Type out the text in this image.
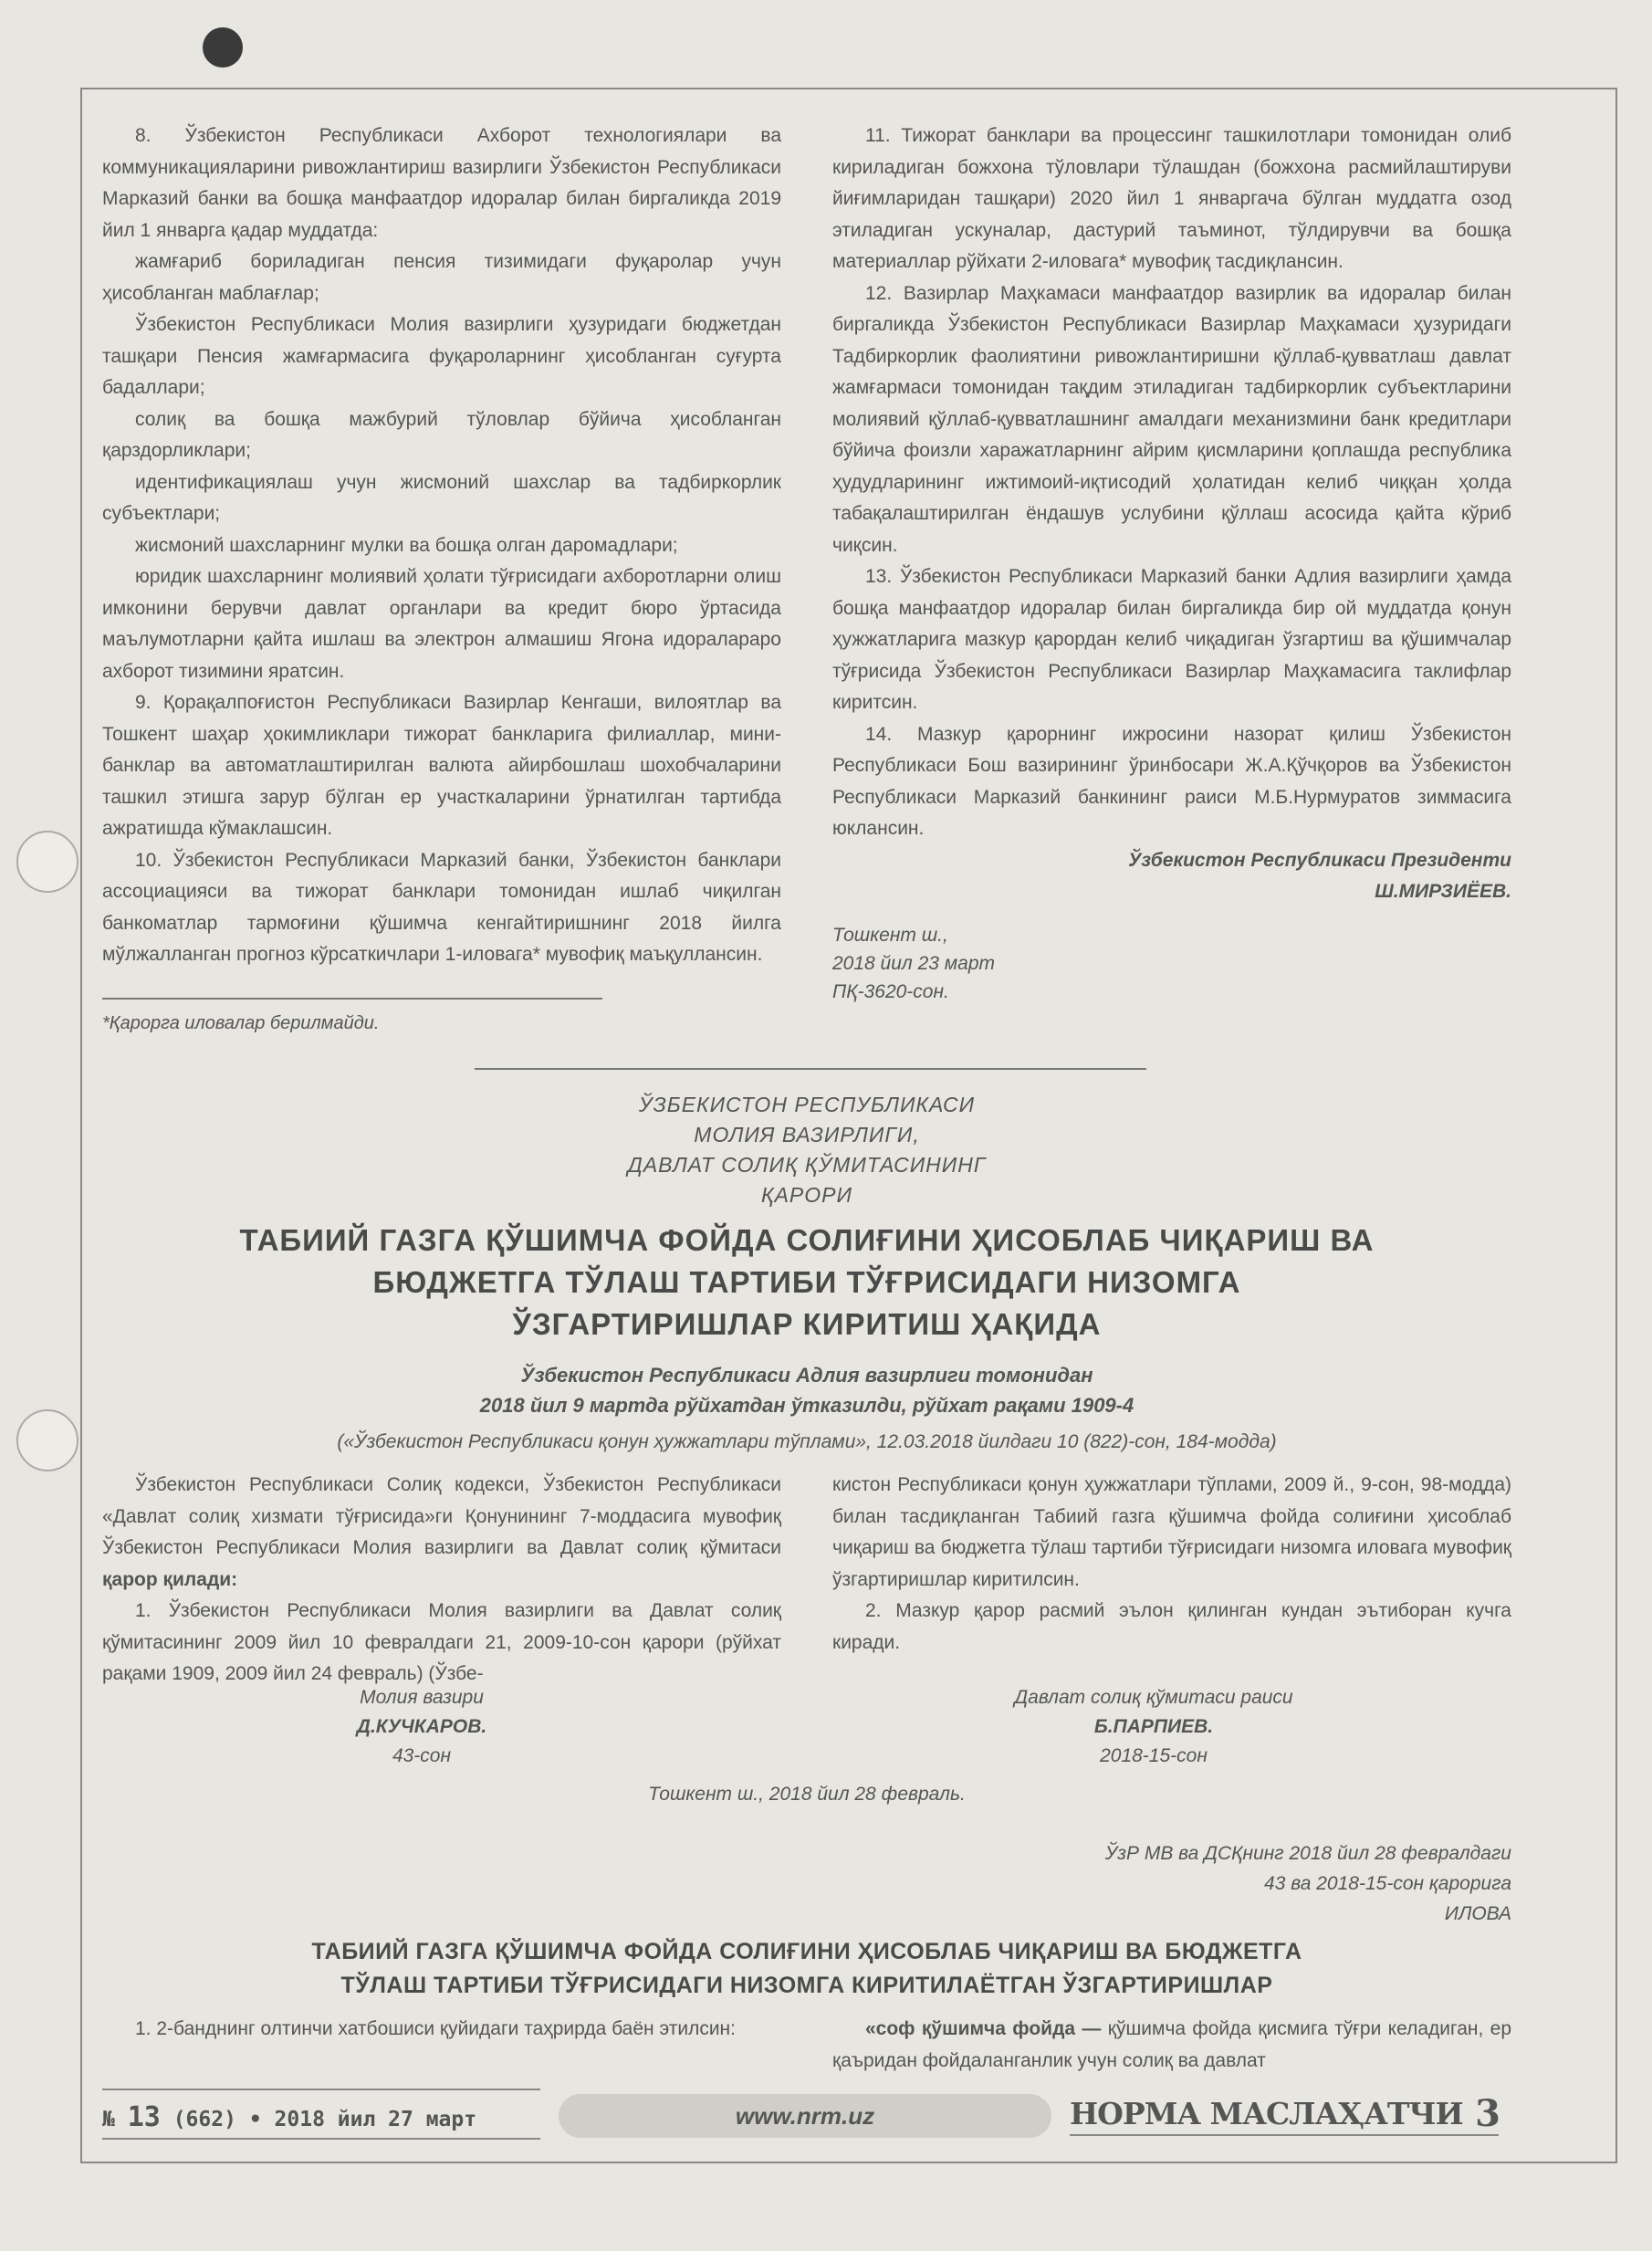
8. Ўзбекистон Республикаси Ахборот технологиялари ва коммуникацияларини ривожлантириш вазирлиги Ўзбекистон Республикаси Марказий банки ва бошқа манфаатдор идоралар билан биргаликда 2019 йил 1 январга қадар муддатда:

жамғариб бориладиган пенсия тизимидаги фуқаролар учун ҳисобланган маблағлар;

Ўзбекистон Республикаси Молия вазирлиги ҳузуридаги бюджетдан ташқари Пенсия жамғармасига фуқароларнинг ҳисобланган суғурта бадаллари;

солиқ ва бошқа мажбурий тўловлар бўйича ҳисобланган қарздорликлари;

идентификациялаш учун жисмоний шахслар ва тадбиркорлик субъектлари;

жисмоний шахсларнинг мулки ва бошқа олган даромадлари;

юридик шахсларнинг молиявий ҳолати тўғрисидаги ахборотларни олиш имконини берувчи давлат органлари ва кредит бюро ўртасида маълумотларни қайта ишлаш ва электрон алмашиш Ягона идоралараро ахборот тизимини яратсин.

9. Қорақалпоғистон Республикаси Вазирлар Кенгаши, вилоятлар ва Тошкент шаҳар ҳокимликлари тижорат банкларига филиаллар, мини-банклар ва автоматлаштирилган валюта айирбошлаш шохобчаларини ташкил этишга зарур бўлган ер участкаларини ўрнатилган тартибда ажратишда кўмаклашсин.

10. Ўзбекистон Республикаси Марказий банки, Ўзбекистон банклари ассоциацияси ва тижорат банклари томонидан ишлаб чиқилган банкоматлар тармоғини қўшимча кенгайтиришнинг 2018 йилга мўлжалланган прогноз кўрсаткичлари 1-иловага* мувофиқ маъқуллансин.

11. Тижорат банклари ва процессинг ташкилотлари томонидан олиб кириладиган божхона тўловлари тўлашдан (божхона расмийлаштируви йиғимларидан ташқари) 2020 йил 1 январгача бўлган муддатга озод этиладиган ускуналар, дастурий таъминот, тўлдирувчи ва бошқа материаллар рўйхати 2-иловага* мувофиқ тасдиқлансин.

12. Вазирлар Маҳкамаси манфаатдор вазирлик ва идоралар билан биргаликда Ўзбекистон Республикаси Вазирлар Маҳкамаси ҳузуридаги Тадбиркорлик фаолиятини ривожлантиришни қўллаб-қувватлаш давлат жамғармаси томонидан тақдим этиладиган тадбиркорлик субъектларини молиявий қўллаб-қувватлашнинг амалдаги механизмини банк кредитлари бўйича фоизли харажатларнинг айрим қисмларини қоплашда республика ҳудудларининг ижтимоий-иқтисодий ҳолатидан келиб чиққан ҳолда табақалаштирилган ёндашув услубини қўллаш асосида қайта кўриб чиқсин.

13. Ўзбекистон Республикаси Марказий банки Адлия вазирлиги ҳамда бошқа манфаатдор идоралар билан биргаликда бир ой муддатда қонун ҳужжатларига мазкур қарордан келиб чиқадиган ўзгартиш ва қўшимчалар тўғрисида Ўзбекистон Республикаси Вазирлар Маҳкамасига таклифлар киритсин.

14. Мазкур қарорнинг ижросини назорат қилиш Ўзбекистон Республикаси Бош вазирининг ўринбосари Ж.А.Қўчқоров ва Ўзбекистон Республикаси Марказий банкининг раиси М.Б.Нурмуратов зиммасига юклансин.

Ўзбекистон Республикаси Президенти
Ш.МИРЗИЁЕВ.
Тошкент ш.,
2018 йил 23 март
ПҚ-3620-сон.
*Қарорга иловалар берилмайди.
ЎЗБЕКИСТОН РЕСПУБЛИКАСИ
МОЛИЯ ВАЗИРЛИГИ,
ДАВЛАТ СОЛИҚ ҚЎМИТАСИНИНГ
ҚАРОРИ
ТАБИИЙ ГАЗГА ҚЎШИМЧА ФОЙДА СОЛИҒИНИ ҲИСОБЛАБ ЧИҚАРИШ ВА
БЮДЖЕТГА ТЎЛАШ ТАРТИБИ ТЎҒРИСИДАГИ НИЗОМГА
ЎЗГАРТИРИШЛАР КИРИТИШ ҲАҚИДА
Ўзбекистон Республикаси Адлия вазирлиги томонидан
2018 йил 9 мартда рўйхатдан ўтказилди, рўйхат рақами 1909-4
(«Ўзбекистон Республикаси қонун ҳужжатлари тўплами», 12.03.2018 йилдаги 10 (822)-сон, 184-модда)

Ўзбекистон Республикаси Солиқ кодекси, Ўзбекистон Республикаси «Давлат солиқ хизмати тўғрисида»ги Қонунининг 7-моддасига мувофиқ Ўзбекистон Республикаси Молия вазирлиги ва Давлат солиқ қўмитаси қарор қилади:

1. Ўзбекистон Республикаси Молия вазирлиги ва Давлат солиқ қўмитасининг 2009 йил 10 февралдаги 21, 2009-10-сон қарори (рўйхат рақами 1909, 2009 йил 24 февраль) (Ўзбе-

кистон Республикаси қонун ҳужжатлари тўплами, 2009 й., 9-сон, 98-модда) билан тасдиқланган Табиий газга қўшимча фойда солиғини ҳисоблаб чиқариш ва бюджетга тўлаш тартиби тўғрисидаги низомга иловага мувофиқ ўзгартиришлар киритилсин.

2. Мазкур қарор расмий эълон қилинган кундан эътиборан кучга киради.

Молия вазири
Д.КУЧКАРОВ.
43-сон
Давлат солиқ қўмитаси раиси
Б.ПАРПИЕВ.
2018-15-сон
Тошкент ш., 2018 йил 28 февраль.
ЎзР МВ ва ДСҚнинг 2018 йил 28 февралдаги
43 ва 2018-15-сон қарорига
ИЛОВА
ТАБИИЙ ГАЗГА ҚЎШИМЧА ФОЙДА СОЛИҒИНИ ҲИСОБЛАБ ЧИҚАРИШ ВА БЮДЖЕТГА
ТЎЛАШ ТАРТИБИ ТЎҒРИСИДАГИ НИЗОМГА КИРИТИЛАЁТГАН ЎЗГАРТИРИШЛАР

1. 2-банднинг олтинчи хатбошиси қуйидаги таҳрирда баён этилсин:	«соф қўшимча фойда — қўшимча фойда қисмига тўғри келадиган, ер қаъридан фойдаланганлик учун солиқ ва давлат

№ 13 (662) • 2018 йил 27 март	www.nrm.uz	НОРМА МАСЛАҲАТЧИ 3
